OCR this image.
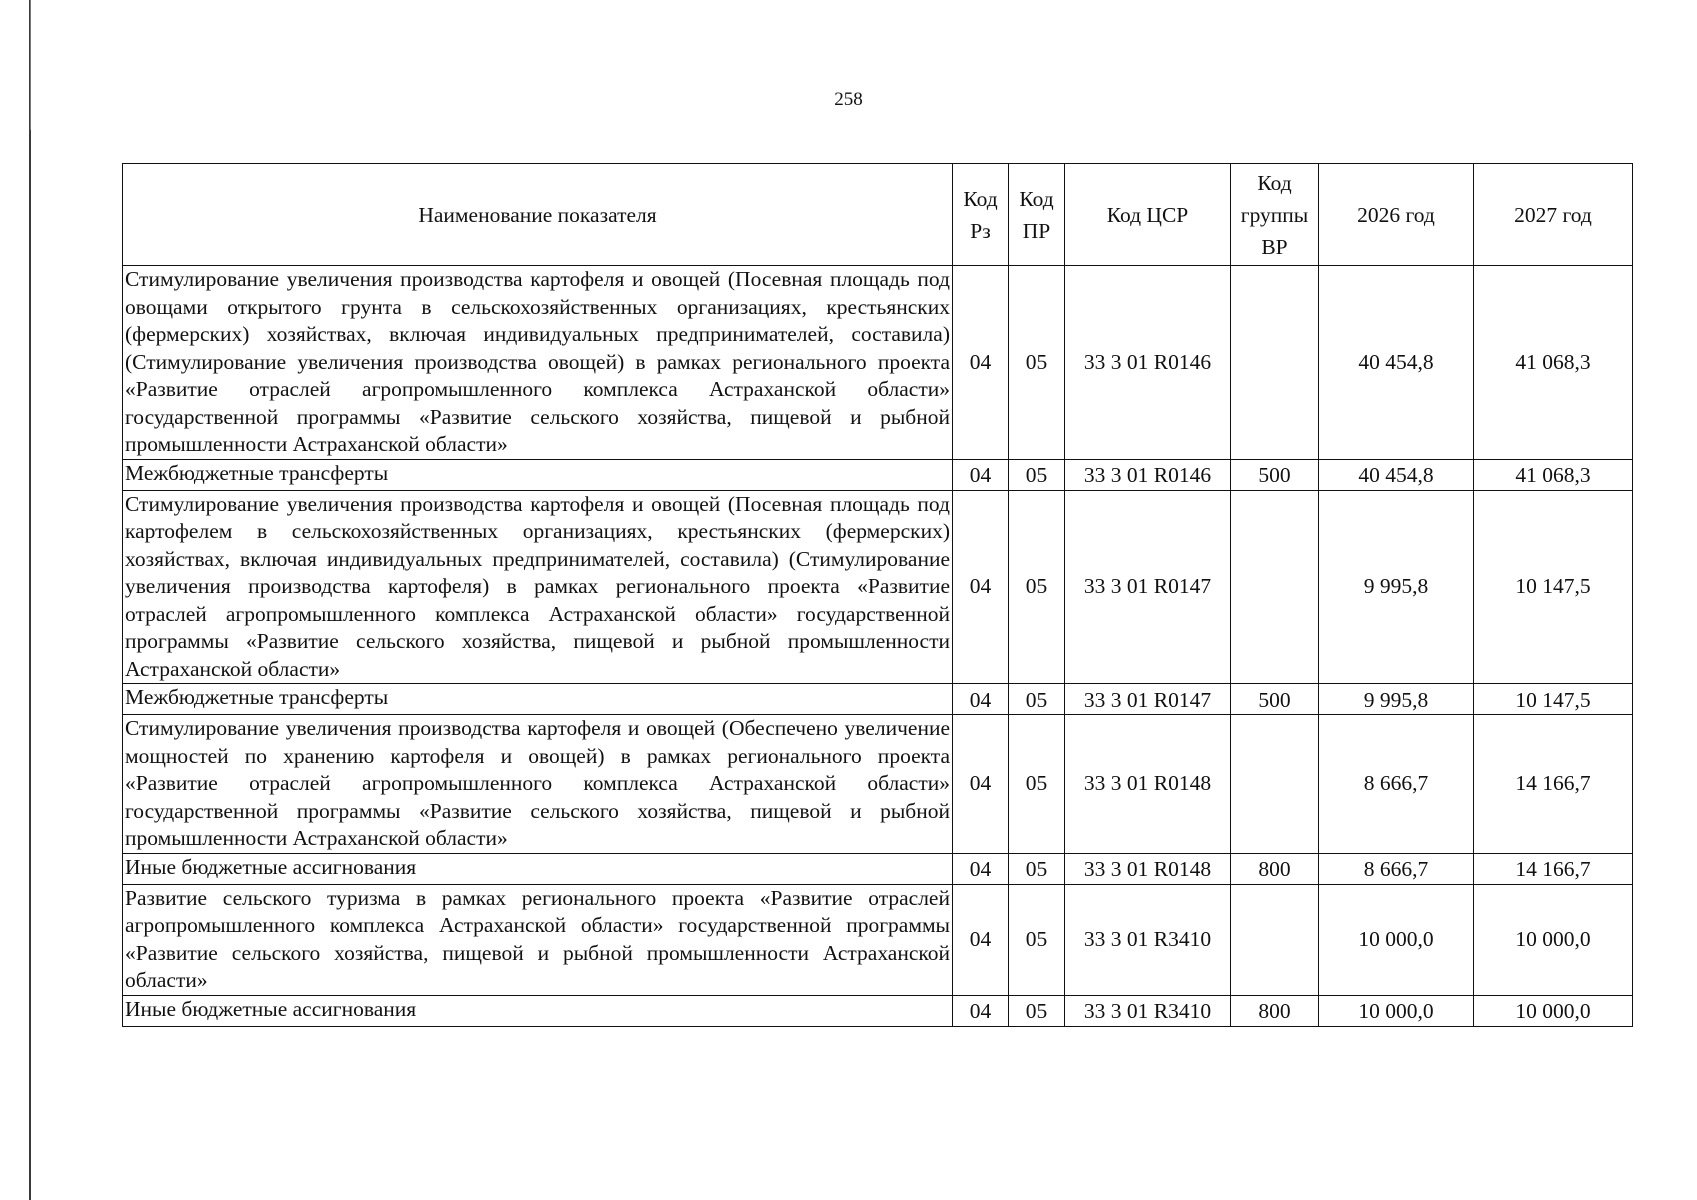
258
Наименование показателя	Код Рз	Код ПР	Код ЦСР	Код группы ВР	2026 год	2027 год
Стимулирование увеличения производства картофеля и овощей (Посевная площадь под овощами открытого грунта в сельскохозяйственных организациях, крестьянских (фермерских) хозяйствах, включая индивидуальных предпринимателей, составила) (Стимулирование увеличения производства овощей) в рамках регионального проекта «Развитие отраслей агропромышленного комплекса Астраханской области» государственной программы «Развитие сельского хозяйства, пищевой и рыбной промышленности Астраханской области»	04	05	33 3 01 R0146		40 454,8	41 068,3
Межбюджетные трансферты	04	05	33 3 01 R0146	500	40 454,8	41 068,3
Стимулирование увеличения производства картофеля и овощей (Посевная площадь под картофелем в сельскохозяйственных организациях, крестьянских (фермерских) хозяйствах, включая индивидуальных предпринимателей, составила) (Стимулирование увеличения производства картофеля) в рамках регионального проекта «Развитие отраслей агропромышленного комплекса Астраханской области» государственной программы «Развитие сельского хозяйства, пищевой и рыбной промышленности Астраханской области»	04	05	33 3 01 R0147		9 995,8	10 147,5
Межбюджетные трансферты	04	05	33 3 01 R0147	500	9 995,8	10 147,5
Стимулирование увеличения производства картофеля и овощей (Обеспечено увеличение мощностей по хранению картофеля и овощей) в рамках регионального проекта «Развитие отраслей агропромышленного комплекса Астраханской области» государственной программы «Развитие сельского хозяйства, пищевой и рыбной промышленности Астраханской области»	04	05	33 3 01 R0148		8 666,7	14 166,7
Иные бюджетные ассигнования	04	05	33 3 01 R0148	800	8 666,7	14 166,7
Развитие сельского туризма в рамках регионального проекта «Развитие отраслей агропромышленного комплекса Астраханской области» государственной программы «Развитие сельского хозяйства, пищевой и рыбной промышленности Астраханской области»	04	05	33 3 01 R3410		10 000,0	10 000,0
Иные бюджетные ассигнования	04	05	33 3 01 R3410	800	10 000,0	10 000,0
